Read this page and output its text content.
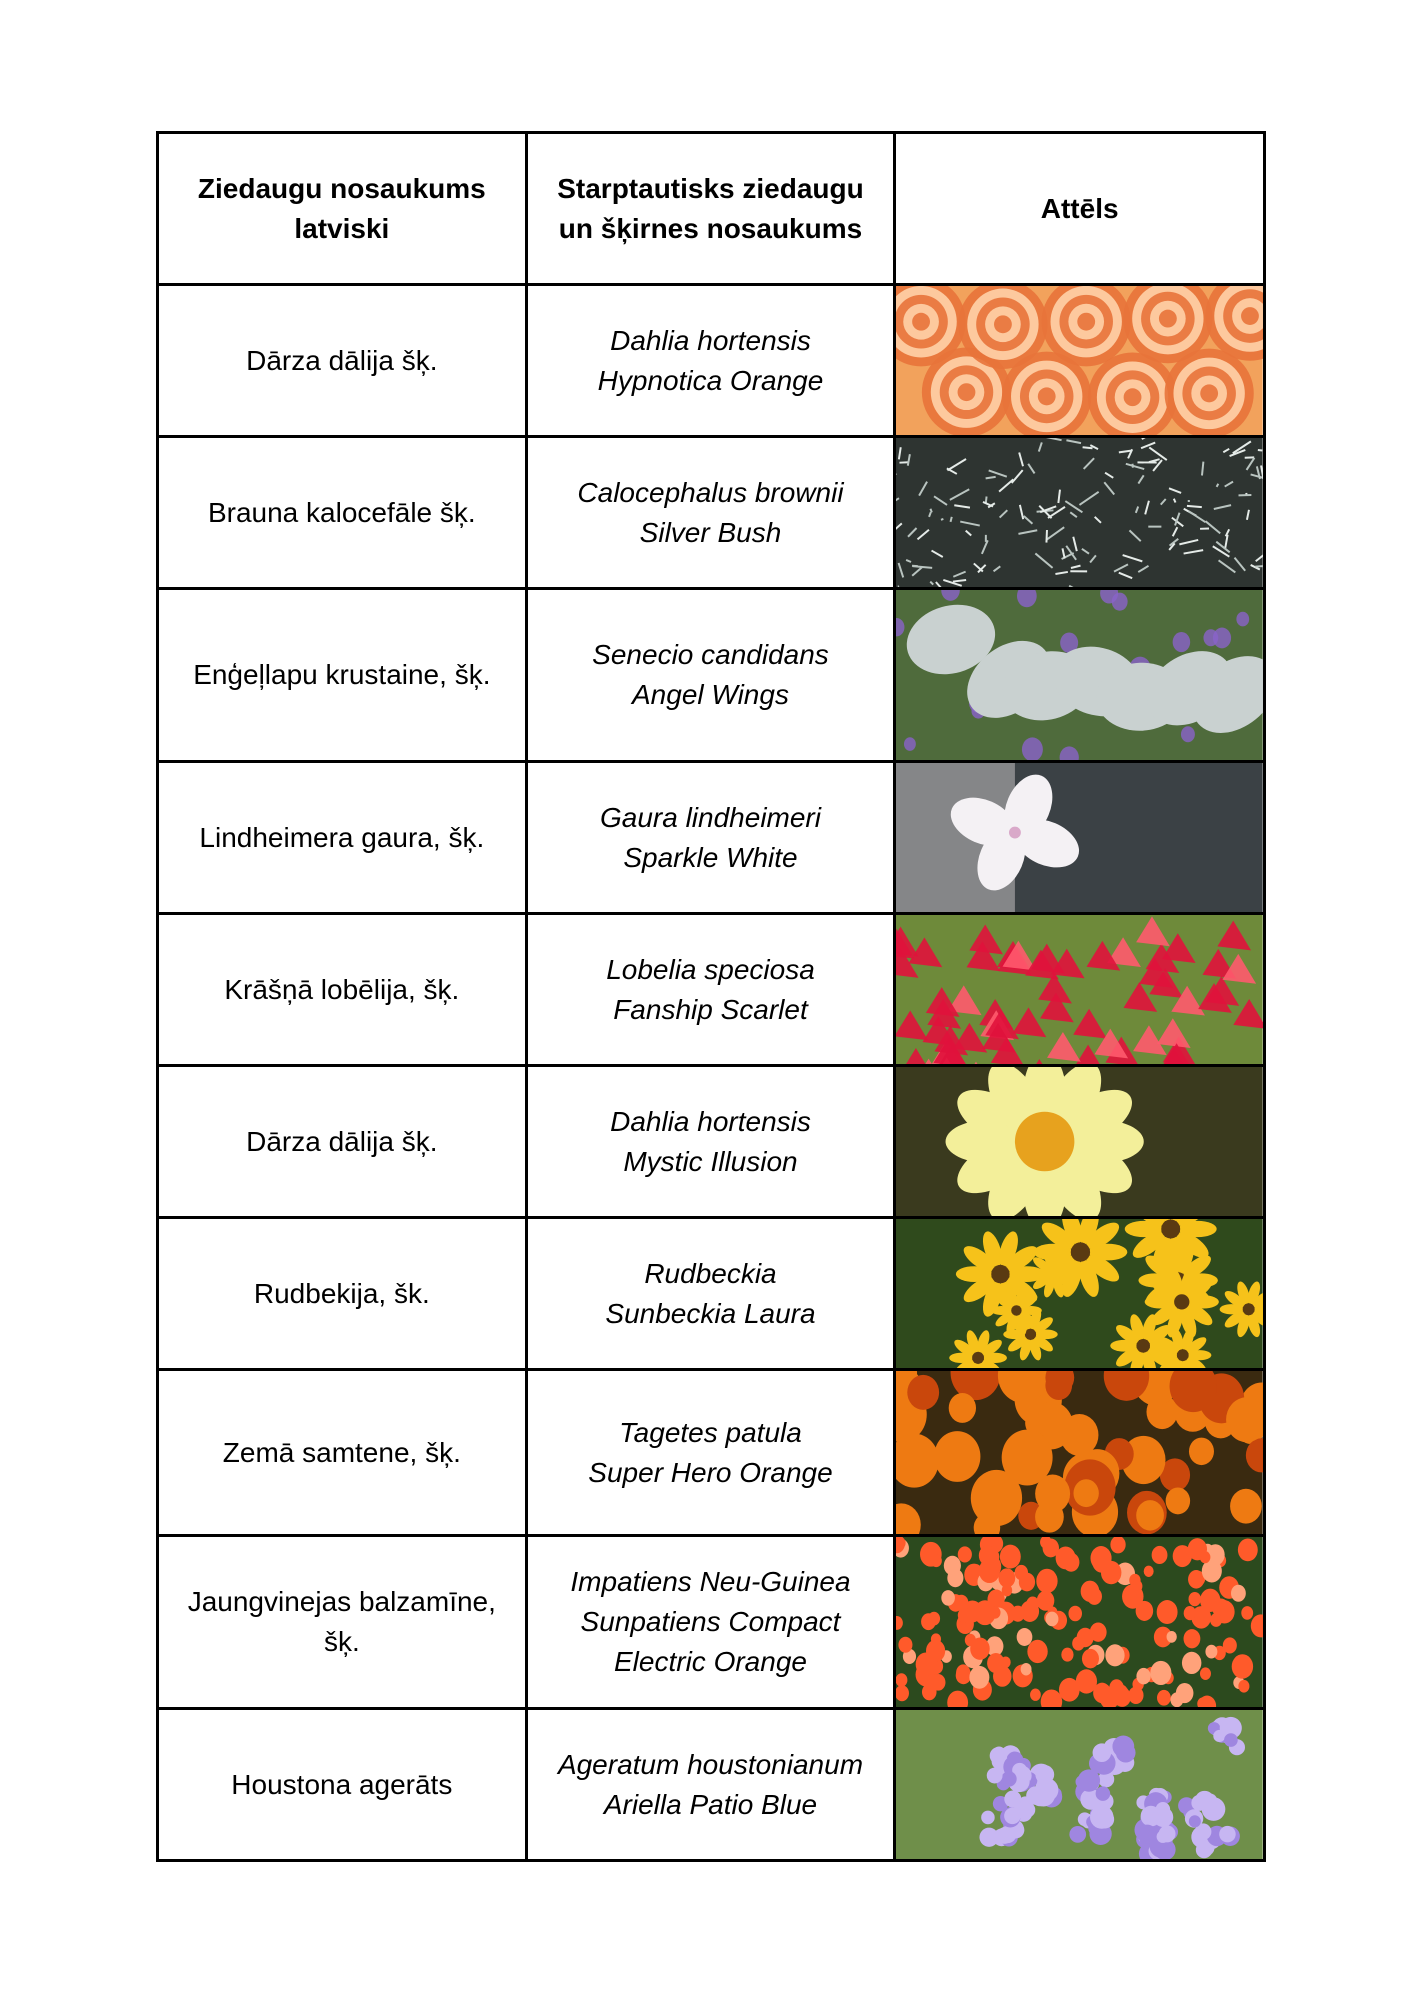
Ziedaugu nosaukums latviski	Starptautisks ziedaugu un šķirnes nosaukums	Attēls
Dārza dālija šķ.	Dahlia hortensis
Hypnotica Orange

Brauna kalocefāle šķ.	Calocephalus brownii
Silver Bush

Enģeļlapu krustaine, šķ.	Senecio candidans
Angel Wings

Lindheimera gaura, šķ.	Gaura lindheimeri
Sparkle White

Krāšņā lobēlija, šķ.	Lobelia speciosa
Fanship Scarlet

Dārza dālija šķ.	Dahlia hortensis
Mystic Illusion

Rudbekija, šk.	Rudbeckia
Sunbeckia Laura

Zemā samtene, šķ.	Tagetes patula
Super Hero Orange

Jaungvinejas balzamīne, šķ.	Impatiens Neu-Guinea
Sunpatiens Compact
Electric Orange

Houstona agerāts	Ageratum houstonianum
Ariella Patio Blue
